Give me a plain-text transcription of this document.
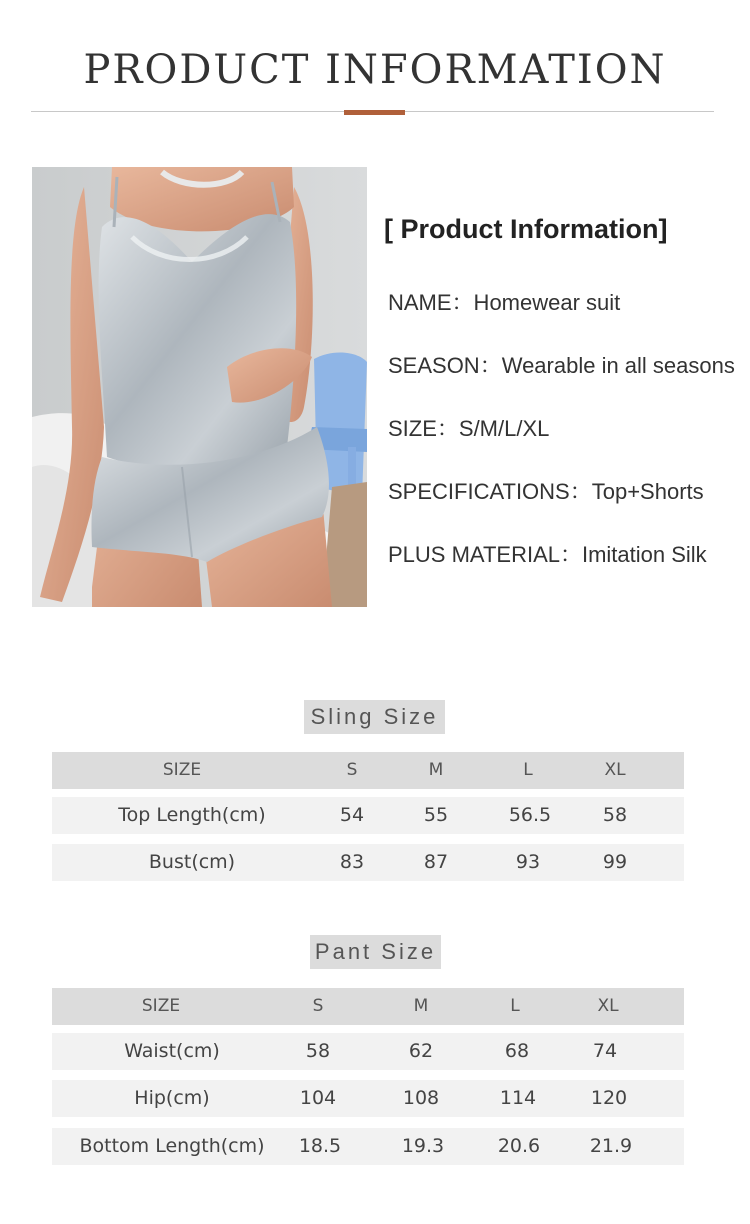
PRODUCT INFORMATION
[ Product Information]
NAME：Homewear suit
SEASON：Wearable in all seasons
SIZE：S/M/L/XL
SPECIFICATIONS：Top+Shorts
PLUS MATERIAL：Imitation Silk
Sling Size
SIZE	S	M	L	XL
Top Length(cm)	54	55	56.5	58
Bust(cm)	83	87	93	99
Pant Size
SIZE	S	M	L	XL
Waist(cm)	58	62	68	74
Hip(cm)	104	108	114	120
Bottom Length(cm)	18.5	19.3	20.6	21.9
